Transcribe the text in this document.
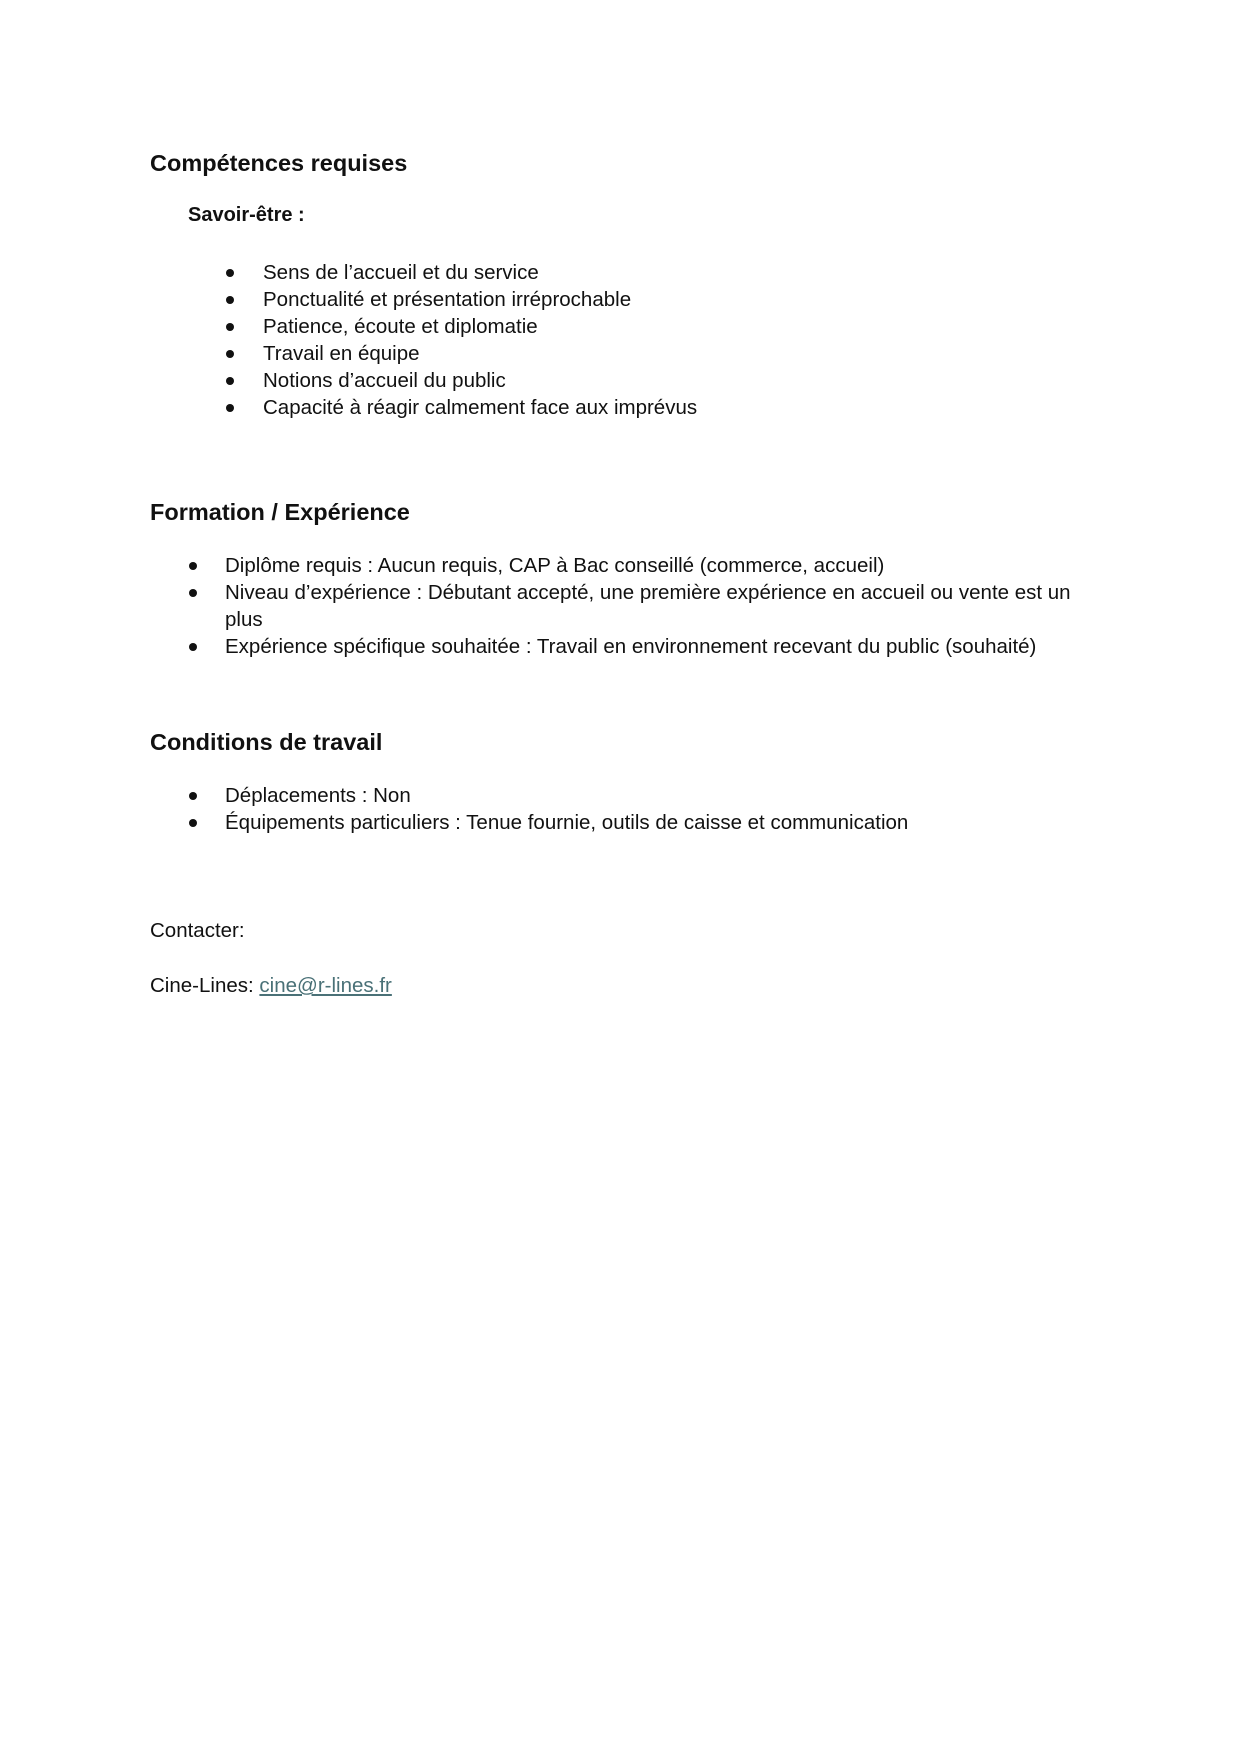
Compétences requises
Savoir-être :
Sens de l’accueil et du service
Ponctualité et présentation irréprochable
Patience, écoute et diplomatie
Travail en équipe
Notions d’accueil du public
Capacité à réagir calmement face aux imprévus
Formation / Expérience
Diplôme requis : Aucun requis, CAP à Bac conseillé (commerce, accueil)
Niveau d’expérience : Débutant accepté, une première expérience en accueil ou vente est un plus
Expérience spécifique souhaitée : Travail en environnement recevant du public (souhaité)
Conditions de travail
Déplacements : Non
Équipements particuliers : Tenue fournie, outils de caisse et communication
Contacter:
Cine-Lines: cine@r-lines.fr
